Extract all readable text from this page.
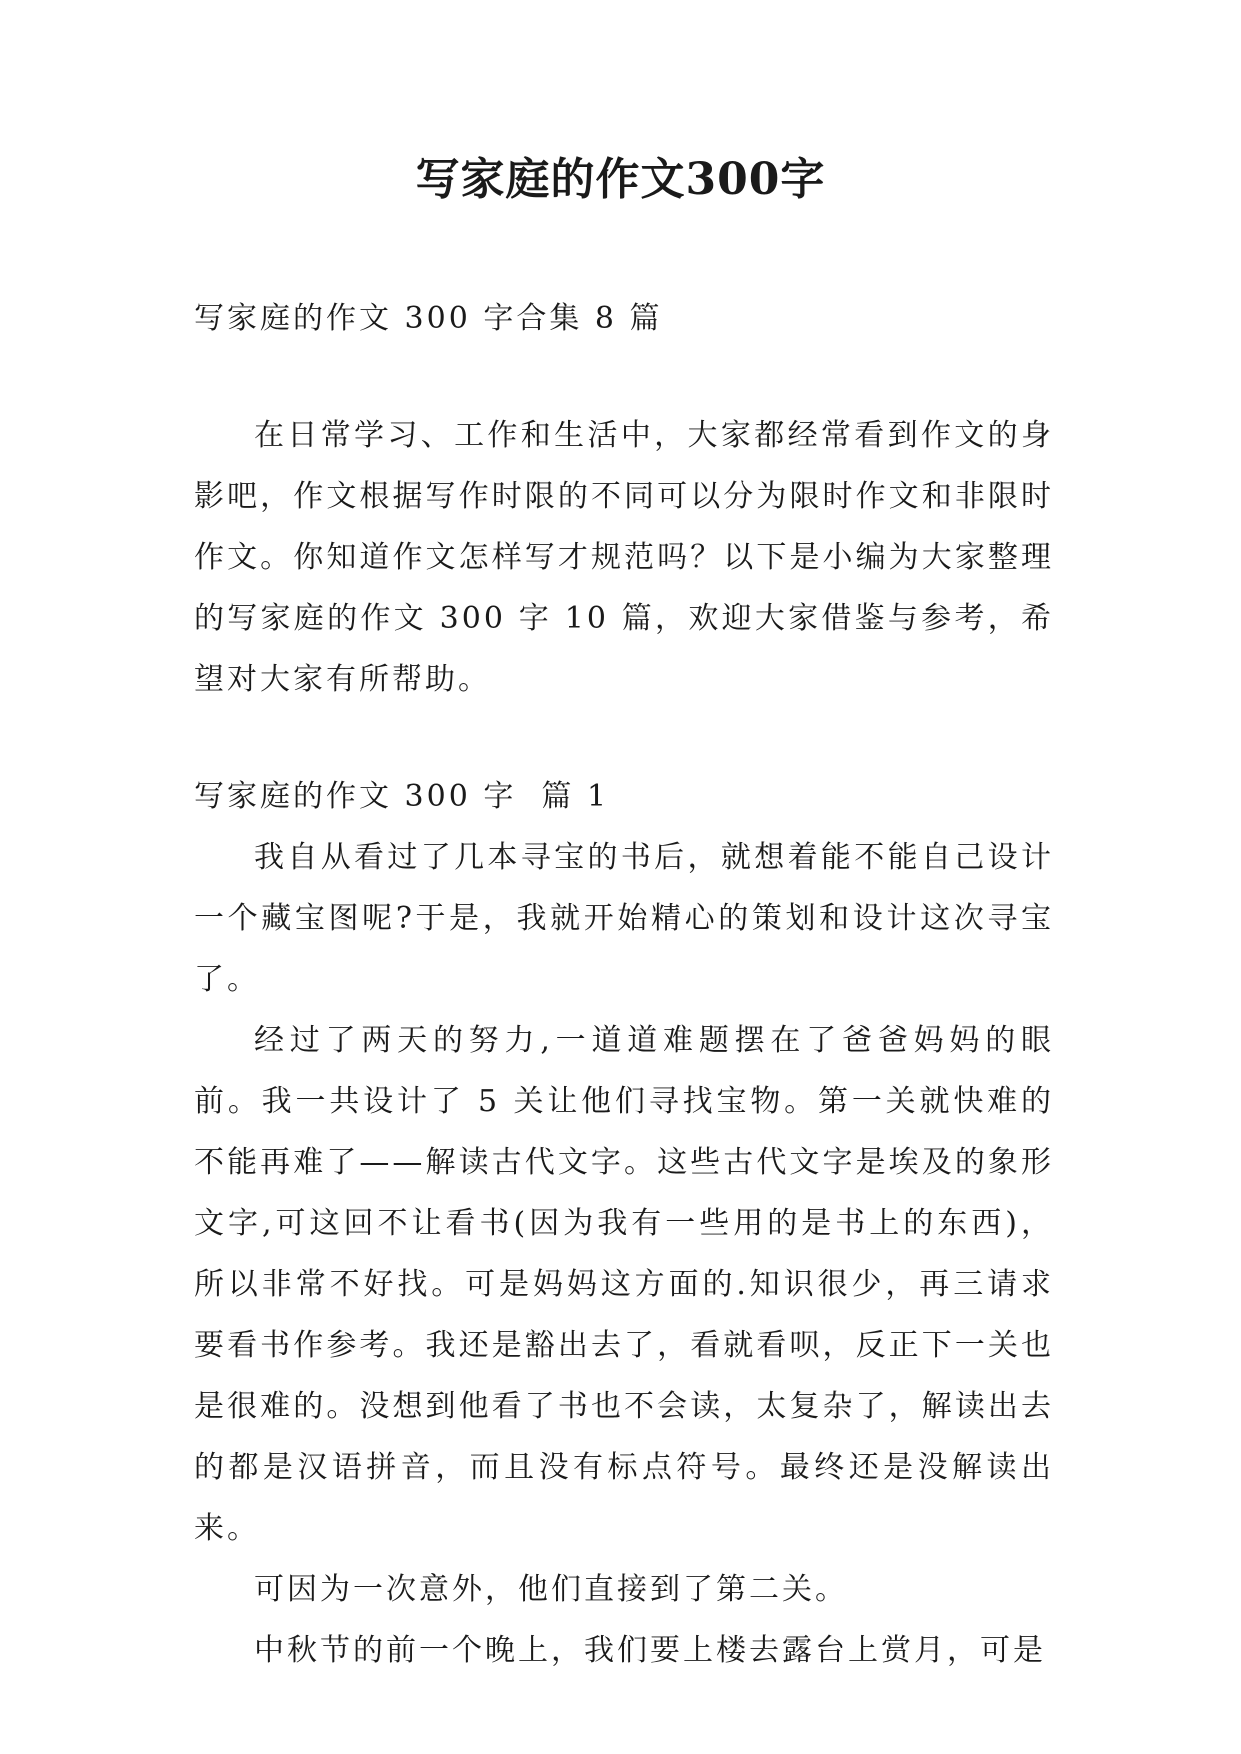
写家庭的作文300字

写家庭的作文 300 字合集 8 篇

在日常学习、工作和生活中，大家都经常看到作文的身影吧，作文根据写作时限的不同可以分为限时作文和非限时作文。你知道作文怎样写才规范吗？以下是小编为大家整理的写家庭的作文 300 字 10 篇，欢迎大家借鉴与参考，希望对大家有所帮助。

写家庭的作文 300 字  篇 1

我自从看过了几本寻宝的书后，就想着能不能自己设计一个藏宝图呢?于是，我就开始精心的策划和设计这次寻宝了。

经过了两天的努力,一道道难题摆在了爸爸妈妈的眼前。我一共设计了 5 关让他们寻找宝物。第一关就快难的不能再难了——解读古代文字。这些古代文字是埃及的象形文字,可这回不让看书(因为我有一些用的是书上的东西)，所以非常不好找。可是妈妈这方面的.知识很少，再三请求要看书作参考。我还是豁出去了，看就看呗，反正下一关也是很难的。没想到他看了书也不会读，太复杂了，解读出去的都是汉语拼音，而且没有标点符号。最终还是没解读出来。

可因为一次意外，他们直接到了第二关。

中秋节的前一个晚上，我们要上楼去露台上赏月，可是
